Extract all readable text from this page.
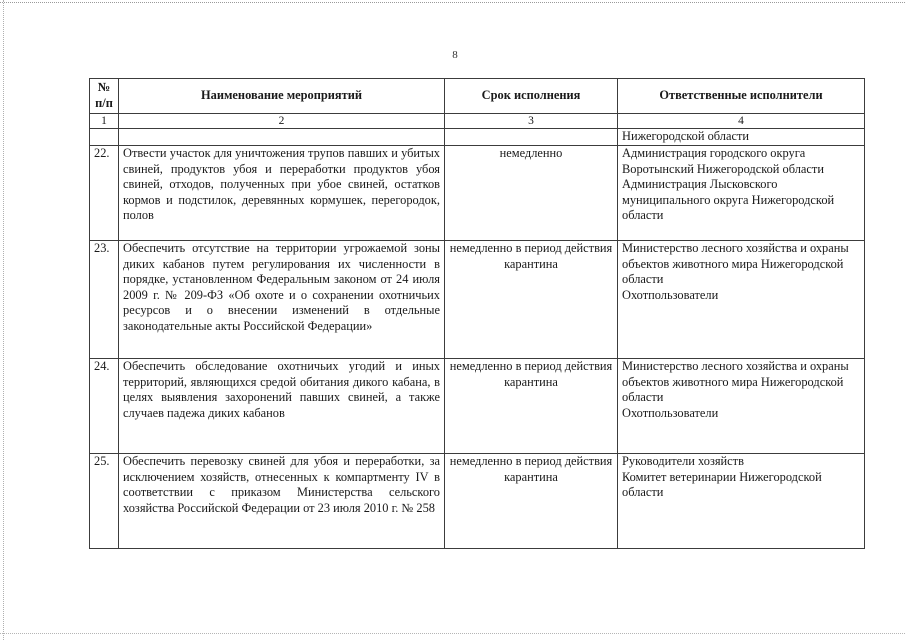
8
№ п/п	Наименование мероприятий	Срок исполнения	Ответственные исполнители
1	2	3	4
			Нижегородской области
22.	Отвести участок для уничтожения трупов павших и убитых свиней, продуктов убоя и переработки продуктов убоя свиней, отходов, полученных при убое свиней, остатков кормов и подстилок, деревянных кормушек, перегородок, полов	немедленно	Администрация городского округа Воротынский Нижегородской области
Администрация Лысковского муниципального округа Нижегородской области

23.	Обеспечить отсутствие на территории угрожаемой зоны диких кабанов путем регулирования их численности в порядке, установленном Федеральным законом от 24 июля 2009 г. № 209-ФЗ «Об охоте и о сохранении охотничьих ресурсов и о внесении изменений в отдельные законодательные акты Российской Федерации»	немедленно в период действия карантина	Министерство лесного хозяйства и охраны объектов животного мира Нижегородской области
Охотпользователи

24.	Обеспечить обследование охотничьих угодий и иных территорий, являющихся средой обитания дикого кабана, в целях выявления захоронений павших свиней, а также случаев падежа диких кабанов	немедленно в период действия карантина	Министерство лесного хозяйства и охраны объектов животного мира Нижегородской области
Охотпользователи

25.	Обеспечить перевозку свиней для убоя и переработки, за исключением хозяйств, отнесенных к компартменту IV в соответствии с приказом Министерства сельского хозяйства Российской Федерации от 23 июля 2010 г. № 258	немедленно в период действия карантина	Руководители хозяйств
Комитет ветеринарии Нижегородской области
